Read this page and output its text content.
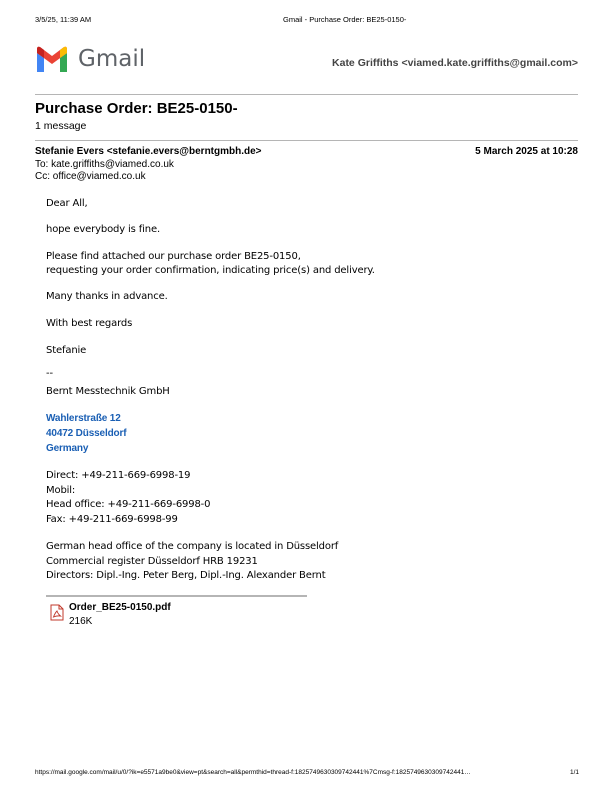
3/5/25, 11:39 AM	Gmail - Purchase Order: BE25-0150-
Gmail	Kate Griffiths <viamed.kate.griffiths@gmail.com>
Purchase Order: BE25-0150-
1 message
Stefanie Evers <stefanie.evers@berntgmbh.de>	5 March 2025 at 10:28
To: kate.griffiths@viamed.co.uk
Cc: office@viamed.co.uk
Dear All,
hope everybody is fine.
Please find attached our purchase order BE25-0150,
requesting your order confirmation, indicating price(s) and delivery.
Many thanks in advance.
With best regards
Stefanie
--
Bernt Messtechnik GmbH
Wahlerstraße 12
40472 Düsseldorf
Germany
Direct: +49-211-669-6998-19
Mobil:
Head office: +49-211-669-6998-0
Fax: +49-211-669-6998-99
German head office of the company is located in Düsseldorf
Commercial register Düsseldorf HRB 19231
Directors: Dipl.-Ing. Peter Berg, Dipl.-Ing. Alexander Bernt
Order_BE25-0150.pdf
216K
https://mail.google.com/mail/u/0/?ik=e5571a9be0&view=pt&search=all&permthid=thread-f:1825749630309742441%7Cmsg-f:1825749630309742441…	1/1
